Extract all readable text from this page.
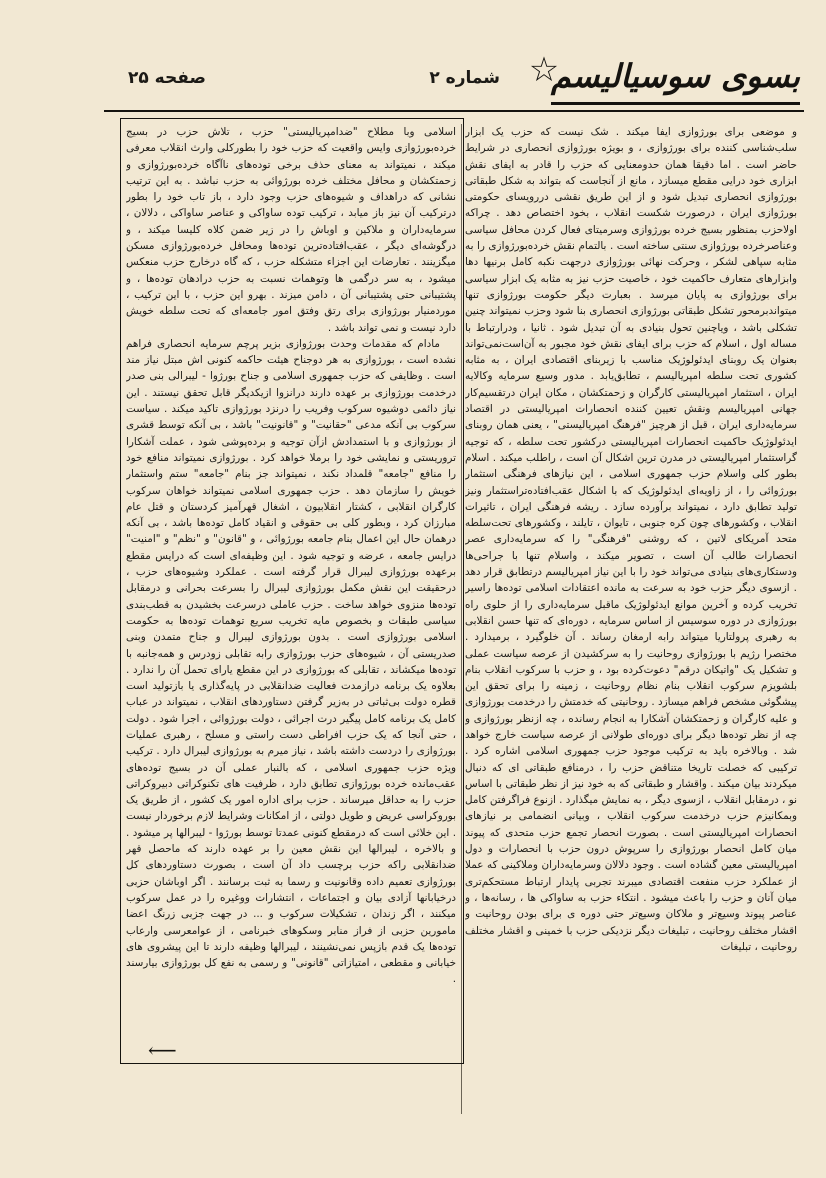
بسوی سوسیالیسم
☆
شماره ۲
صفحه ۲۵

و موضعی برای بورژوازی ایفا میکند . شک نیست که حزب یک ابزار سلب‌شناسی کننده برای بورژوازی ، و بویژه بورژوازی انحصاری در شرایط حاضر است . اما دقیقا همان حدومعنایی که حزب را قادر به ایفای نقش ابزاری خود درایی مقطع میسازد ، مانع از آنجاست که بتواند به شکل طبقاتی بورژوازی انحصاری تبدیل شود و از این طریق نقشی دررویسای حکومتی بورژوازی ایران ، درصورت شکست انقلاب ، بخود اختصاص دهد . چراکه اولاحزب بمنظور بسیج خرده بورژوازی وسرمیتای فعال کردن محافل سیاسی وعناصرخرده بورژوازی سنتی ساخته است . بالتمام نقش خرده‌بورژوازی را به مثابه سپاهی لشکر ، وحرکت نهائی بورژوازی درجهت نکبه کامل برنیها دها وابزارهای متعارف حاکمیت خود ، خاصیت حزب نیز به مثابه یک ابزار سیاسی برای بورژوازی به پایان میرسد . بعبارت دیگر حکومت بورژوازی تنها میتواندبرمحور تشکل طبقاتی بورژوازی انحصاری بنا شود وحزب نمیتواند چنین تشکلی باشد ، ویاچنین تحول بنیادی به آن تبدیل شود . ثانیا ، ودرارتباط با مساله اول ، اسلام که حزب برای ایفای نقش خود مجبور به آن‌است‌نمی‌تواند بعنوان یک روبنای ایدئولوژیک مناسب با زیربنای اقتصادی ایران ، به مثابه کشوری تحت سلطه امپریالیسم ، تطابق‌یابد . مدور وسیع سرمایه وکالایه ایران ، استثمار امپریالیستی کارگران و زحمتکشان ، مکان ایران درتقسیم‌کار جهانی امپریالیسم ونقش تعیین کننده انحصارات امپریالیستی در اقتصاد سرمایه‌داری ایران ، قبل از هرچیز "فرهنگ امپریالیستی" ، یعنی همان روبنای ایدئولوژیک حاکمیت انحصارات امپریالیستی درکشور تحت سلطه ، که توجیه گراستثمار امپریالیستی در مدرن ترین اشکال آن است ، راطلب میکند . اسلام بطور کلی واسلام حزب جمهوری اسلامی ، این نیازهای فرهنگی استثمار بورژوائی را ، از زاویه‌ای ایدئولوژیک که با اشکال عقب‌افتاده‌تراستثمار ونیز تولید تطابق دارد ، نمیتواند برآورده سازد . ریشه فرهنگی ایران ، تاثیرات انقلاب ، وکشورهای چون کره جنوبی ، تایوان ، تایلند ، وکشورهای تحت‌سلطه متحد آمریکای لاتین ، که روشنی "فرهنگی" را که سرمایه‌داری عصر انحصارات طالب آن است ، تصویر میکند ، واسلام تنها با جراحی‌ها ودستکاری‌های بنیادی می‌تواند خود را با این نیاز امپریالیسم درتطابق قرار دهد . ازسوی دیگر حزب خود به سرعت به مانده اعتقادات اسلامی توده‌ها راسیر تخریب کرده و آخرین موانع ایدئولوژیک ماقبل سرمایه‌داری را از حلوی راه بورژوازی در دوره سوسیس از اساس سرمایه ، دوره‌ای که تنها حسن انقلابی به رهبری پرولتاریا میتواند رابه ارمغان رساند . آن خلوگیرد ، برمیدارد . مختصرا رژیم با بورژوازی روحانیت را به سرکشیدن از عرصه سیاست عملی و تشکیل یک "واتیکان درقم" دعوت‌کرده بود ، و حزب با سرکوب انقلاب بنام بلشویزم سرکوب انقلاب بنام نظام روحانیت ، زمینه را برای تحقق این پیشگوئی مشخص فراهم میسازد . روحانیتی که خدمتش را درخدمت بورژوازی و علیه کارگران و زحمتکشان آشکارا به انجام رسانده ، چه ازنظر بورژوازی و چه از نظر توده‌ها دیگر برای دوره‌ای طولانی از عرصه سیاست خارج خواهد شد . وبالاخره باید به ترکیب موجود حزب جمهوری اسلامی اشاره کرد . ترکیبی که خصلت تاریخا متناقض حزب را ، درمنافع طبقاتی ای که دنبال میکردند بیان میکند . واقشار و طبقاتی که به خود نیز از نظر طبقاتی با اساس نو ، درمقابل انقلاب ، ازسوی دیگر ، به نمایش میگذارد . ازنوع فراگرفتن کامل وبمکانیزم حزب درخدمت سرکوب انقلاب ، وبیانی انضمامی بر نیازهای انحصارات امپریالیستی است . بصورت انحصار تجمع حزب متحدی که پیوند میان کامل انحصار بورژوازی را سرپوش درون حزب با انحصارات و دول امپریالیستی معین گشاده است . وجود دلالان وسرمایه‌داران وملاکینی که عملا از عملکرد حزب منفعت اقتصادی میبرند تجربی پایدار ارتباط مستحکم‌تری میان آنان و حزب را باعث میشود . انتکاء حزب به ساواکی ها ، رسانه‌ها ، و عناصر پیوند وسیع‌تر و ملاکان وسیع‌تر حتی دوره ی برای بودن روحانیت و اقشار مختلف روحانیت ، تبلیغات دیگر نزدیکی حزب با خمینی و اقشار مختلف روحانیت ، تبلیغات

اسلامی وبا مطلاح "ضدامپریالیستی" حزب ، تلاش حزب در بسیج خرده‌بورژوازی وایس واقعیت که حزب خود را بطورکلی وارث انقلاب معرفی میکند ، نمیتواند به معنای حذف برخی توده‌های ناآگاه خرده‌بورژوازی و زحمتکشان و محافل مختلف خرده بورژوائی به حزب نباشد . به این ترتیب نشانی که دراهداف و شیوه‌های حزب وجود دارد ، باز تاب خود را بطور درترکیب آن نیز باز میابد ، ترکیب توده ساواکی و عناصر ساواکی ، دلالان ، سرمایه‌داران و ملاکین و اوباش را در زیر ضمن کلاه کلیسا میکند ، و درگوشه‌ای دیگر ، عقب‌افتاده‌ترین توده‌ها ومحافل خرده‌بورژوازی مسکن میگزینند . تعارضات این اجزاء متشکله حزب ، که گاه درخارج حزب منعکس میشود ، به سر درگمی ها وتوهمات نسبت به حزب درادهان توده‌ها ، و پشتیبانی حتی پشتیبانی آن ، دامن میزند . بهرو این حزب ، با این ترکیب ، موردمنیار بورژوازی برای رتق وفتق امور جامعه‌ای که تحت سلطه خویش دارد نیست و نمی تواند باشد .

مادام که مقدمات وحدت بورژوازی بزیر پرچم سرمایه انحصاری فراهم نشده است ، بورژوازی به هر دوجناح هیئت حاکمه کنونی اش مبتل نیاز مند است . وظایفی که حزب جمهوری اسلامی و جناح بورژوا - لیبرالی بنی صدر درخدمت بورژوازی بر عهده دارند درانزوا ازیکدیگر قابل تحقق نیستند . این نیاز دائمی دوشیوه سرکوب وفریب را درنزد بورژوازی تاکید میکند . سیاست سرکوب بی آنکه مدعی "حقانیت" و "قانونیت" باشد ، بی آنکه توسط قشری از بورژوازی و با استمدادش ازآن توجیه و برده‌پوشی شود ، عملت آشکارا تروریستی و نمایشی خود را برملا خواهد کرد . بورژوازی نمیتواند منافع خود را منافع "جامعه" قلمداد نکند ، نمیتواند جز بنام "جامعه" ستم واستثمار خویش را سازمان دهد . حزب جمهوری اسلامی نمیتواند خواهان سرکوب کارگران انقلابی ، کشتار انقلابیون ، اشغال قهرآمیز کردستان و قتل عام مبارزان کرد ، وبطور کلی بی حقوقی و انقیاد کامل توده‌ها باشد ، بی آنکه درهمان حال این اعمال بنام جامعه بورژوائی ، و "قانون" و "نظم" و "امنیت" درایس جامعه ، عرضه و توجیه شود . این وظیفه‌ای است که درایس مقطع برعهده بورژوازی لیبرال قرار گرفته است . عملکرد وشیوه‌های حزب ، درحقیقت این نقش مکمل بورژوازی لیبرال را بسرعت بحرانی و درمقابل توده‌ها منزوی خواهد ساخت . حزب عاملی درسرعت بخشیدن به قطب‌بندی سیاسی طبقات و بخصوص مایه تخریب سریع توهمات توده‌ها به حکومت اسلامی بورژوازی است . بدون بورژوازی لیبرال و جناح متمدن وبنی صدریستی آن ، شیوه‌های حزب بورژوازی رابه تقابلی زودرس و همه‌جانبه با توده‌ها میکشاند ، تقابلی که بورژوازی در این مقطع یارای تحمل آن را ندارد . بعلاوه یک برنامه درازمدت فعالیت ضدانقلابی در پایه‌گذاری یا بازتولید است قطره دولت بی‌ثباتی در به‌زیر گرفتن دستاوردهای انقلاب ، نمیتواند در عباب کامل یک برنامه کامل پیگیر درت اجرائی ، دولت بورژوائی ، اجرا شود . دولت ، حتی آنجا که یک حزب افراطی دست راستی و مسلح ، رهبری عملیات بورژوازی را دردست داشته باشد ، نیاز میرم به بورژوازی لیبرال دارد . ترکیب ویژه حزب جمهوری اسلامی ، که بالنبار عملی آن در بسیج توده‌های عقب‌مانده خرده بورژوازی تطابق دارد ، ظرفیت های تکنوکراتی دبیروکراتی حزب را به حداقل میرساند . حزب برای اداره امور یک کشور ، از طریق یک بوروکراسی عریض و طویل دولتی ، از امکانات وشرایط لازم برخوردار نیست . این خلائی است که درمقطع کنونی عمدتا توسط بورژوا - لیبرالها پر میشود . و بالاخره ، لیبرالها این نقش معین را بر عهده دارند که ماحصل قهر ضدانقلابی راکه حزب برچسب داد آن است ، بصورت دستاوردهای کل بورژوازی تعمیم داده وقانونیت و رسما به ثبت برسانند . اگر اوباشان حزبی درخیابانها آزادی بیان و اجتماعات ، انتشارات ووغیره را در عمل سرکوب میکنند ، اگر زندان ، تشکیلات سرکوب و ... در جهت جزبی زرنگ اعضا مامورین حزبی از فراز منابر وسکوهای خبرنامی ، از عوامعرسی وارعاب توده‌ها یک قدم بازپس نمی‌نشینند ، لیبرالها وظیفه دارند تا این پیشروی های خیابانی و مقطعی ، امتیازاتی "قانونی" و رسمی به نفع کل بورژوازی بیارسند .

⟵
